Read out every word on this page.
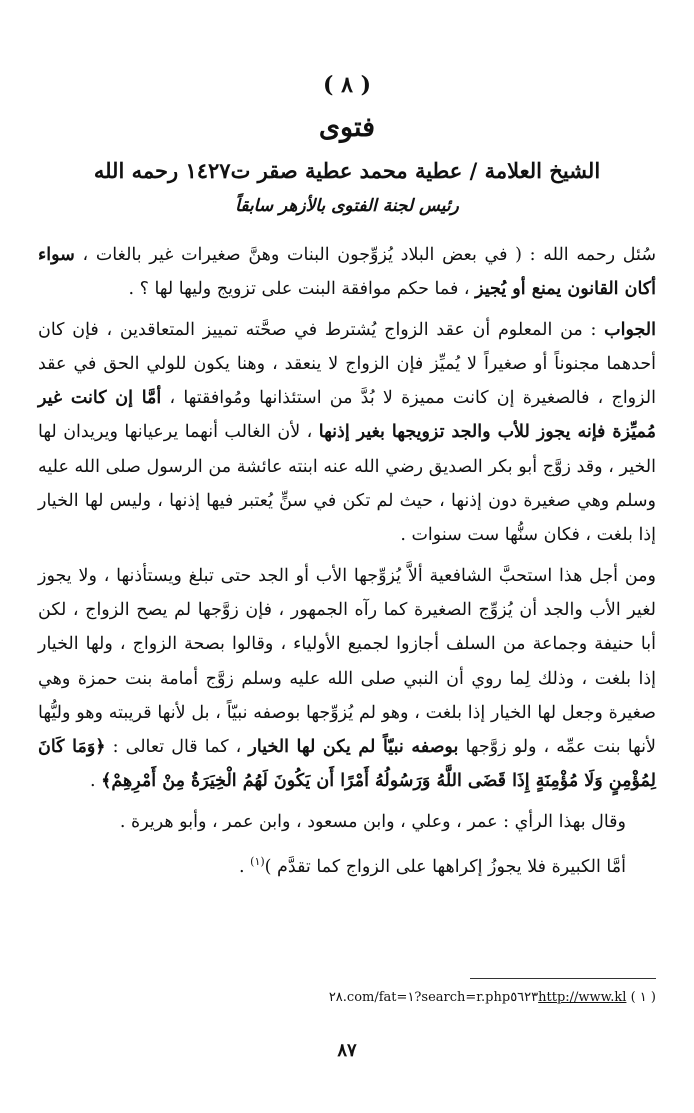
( ٨ )
فتوى
الشيخ العلامة / عطية محمد عطية صقر ت١٤٢٧ رحمه الله
رئيس لجنة الفتوى بالأزهر سابقاً

سُئل رحمه الله : ( في بعض البلاد يُزوِّجون البنات وهنَّ صغيرات غير بالغات ، سواء أكان القانون يمنع أو يُجيز ، فما حكم موافقة البنت على تزويج وليها لها ؟ .

الجواب : من المعلوم أن عقد الزواج يُشترط في صحَّته تمييز المتعاقدين ، فإن كان أحدهما مجنوناً أو صغيراً لا يُميِّز فإن الزواج لا ينعقد ، وهنا يكون للولي الحق في عقد الزواج ، فالصغيرة إن كانت مميزة لا بُدَّ من استئذانها ومُوافقتها ، أمَّا إن كانت غير مُميِّزة فإنه يجوز للأب والجد تزويجها بغير إذنها ، لأن الغالب أنهما يرعيانها ويريدان لها الخير ، وقد زوَّج أبو بكر الصديق رضي الله عنه ابنته عائشة من الرسول صلى الله عليه وسلم وهي صغيرة دون إذنها ، حيث لم تكن في سنٍّ يُعتبر فيها إذنها ، وليس لها الخيار إذا بلغت ، فكان سنُّها ست سنوات .

ومن أجل هذا استحبَّ الشافعية ألاَّ يُزوِّجها الأب أو الجد حتى تبلغ ويستأذنها ، ولا يجوز لغير الأب والجد أن يُزوِّج الصغيرة كما رآه الجمهور ، فإن زوَّجها لم يصح الزواج ، لكن أبا حنيفة وجماعة من السلف أجازوا لجميع الأولياء ، وقالوا بصحة الزواج ، ولها الخيار إذا بلغت ، وذلك لِما روي أن النبي صلى الله عليه وسلم زوَّج أمامة بنت حمزة وهي صغيرة وجعل لها الخيار إذا بلغت ، وهو لم يُزوِّجها بوصفه نبيّاً ، بل لأنها قريبته وهو وليُّها لأنها بنت عمِّه ، ولو زوَّجها بوصفه نبيّاً لم يكن لها الخيار ، كما قال تعالى : ﴿وَمَا كَانَ لِمُؤْمِنٍ وَلَا مُؤْمِنَةٍ إِذَا قَضَى اللَّهُ وَرَسُولُهُ أَمْرًا أَن يَكُونَ لَهُمُ الْخِيَرَةُ مِنْ أَمْرِهِمْ﴾ .

وقال بهذا الرأي : عمر ، وعلي ، وابن مسعود ، وابن عمر ، وأبو هريرة .

أمَّا الكبيرة فلا يجوزُ إكراهها على الزواج كما تقدَّم )$^{(١)}$ .

٢٨.com/fat=١?search=r.php٥٦٢٣http://www.kl ( ١ )
٨٧
